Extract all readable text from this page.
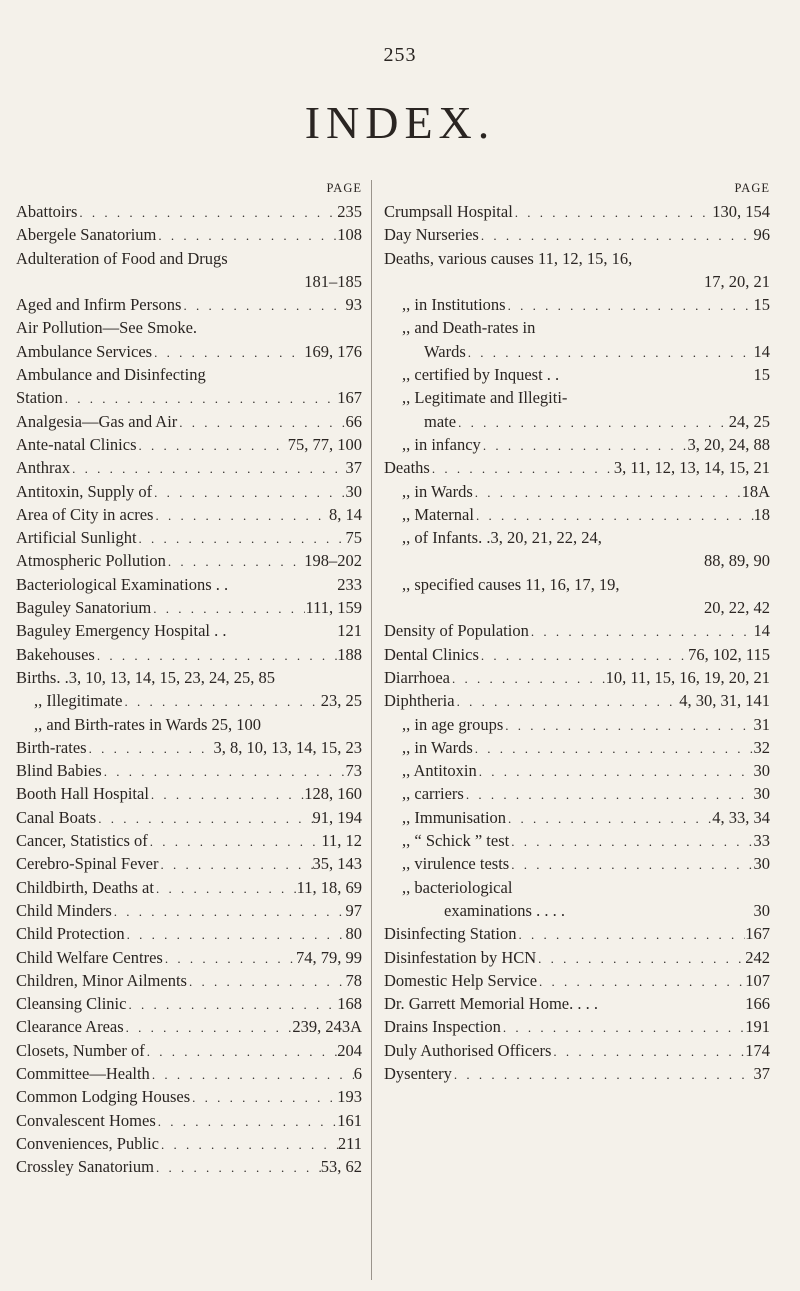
253
INDEX.
PAGE
Abattoirs . . .	235
Abergele Sanatorium . . .	108
Adulteration of Food and Drugs
181–185
Aged and Infirm Persons . . .	93
Air Pollution—See Smoke.
Ambulance Services . . .	169, 176
Ambulance and Disinfecting
Station . . .	167
Analgesia—Gas and Air . . .	66
Ante-natal Clinics . . .	75, 77, 100
Anthrax . . .	37
Antitoxin, Supply of . . .	30
Area of City in acres . . .	8, 14
Artificial Sunlight . . .	75
Atmospheric Pollution . . .	198–202
Bacteriological Examinations . .	233
Baguley Sanatorium . . .	111, 159
Baguley Emergency Hospital . .	121
Bakehouses . . .	188
Births. .3, 10, 13, 14, 15, 23, 24, 25, 85
,, Illegitimate . . .	23, 25
,, and Birth-rates in Wards 25, 100
Birth-rates . . .	3, 8, 10, 13, 14, 15, 23
Blind Babies . . .	73
Booth Hall Hospital . . .	128, 160
Canal Boats . . .	91, 194
Cancer, Statistics of . . .	11, 12
Cerebro-Spinal Fever . . .	35, 143
Childbirth, Deaths at . . .	11, 18, 69
Child Minders . . .	97
Child Protection . . .	80
Child Welfare Centres . . .	74, 79, 99
Children, Minor Ailments . . .	78
Cleansing Clinic . . .	168
Clearance Areas . . .	239, 243A
Closets, Number of . . .	204
Committee—Health . . .	6
Common Lodging Houses . . .	193
Convalescent Homes . . .	161
Conveniences, Public . . .	211
Crossley Sanatorium . . .	53, 62
PAGE
Crumpsall Hospital . . .	130, 154
Day Nurseries . . .	96
Deaths, various causes 11, 12, 15, 16,
17, 20, 21
,, in Institutions . . .	15
,, and Death-rates in
Wards . . .	14
,, certified by Inquest . .	15
,, Legitimate and Illegiti-
mate . . .	24, 25
,, in infancy . . .	3, 20, 24, 88
Deaths . . .	3, 11, 12, 13, 14, 15, 21
,, in Wards . . .	18A
,, Maternal . . .	18
,, of Infants. .3, 20, 21, 22, 24,
88, 89, 90
,, specified causes 11, 16, 17, 19,
20, 22, 42
Density of Population . . .	14
Dental Clinics . . .	76, 102, 115
Diarrhoea . . .	10, 11, 15, 16, 19, 20, 21
Diphtheria . . .	4, 30, 31, 141
,, in age groups . . .	31
,, in Wards . . .	32
,, Antitoxin . . .	30
,, carriers . . .	30
,, Immunisation . . .	4, 33, 34
,, “ Schick ” test . . .	33
,, virulence tests . . .	30
,, bacteriological
examinations . . . .	30
Disinfecting Station . . .	167
Disinfestation by HCN . . .	242
Domestic Help Service . . .	107
Dr. Garrett Memorial Home. . . .	166
Drains Inspection . . .	191
Duly Authorised Officers . . .	174
Dysentery . . .	37
